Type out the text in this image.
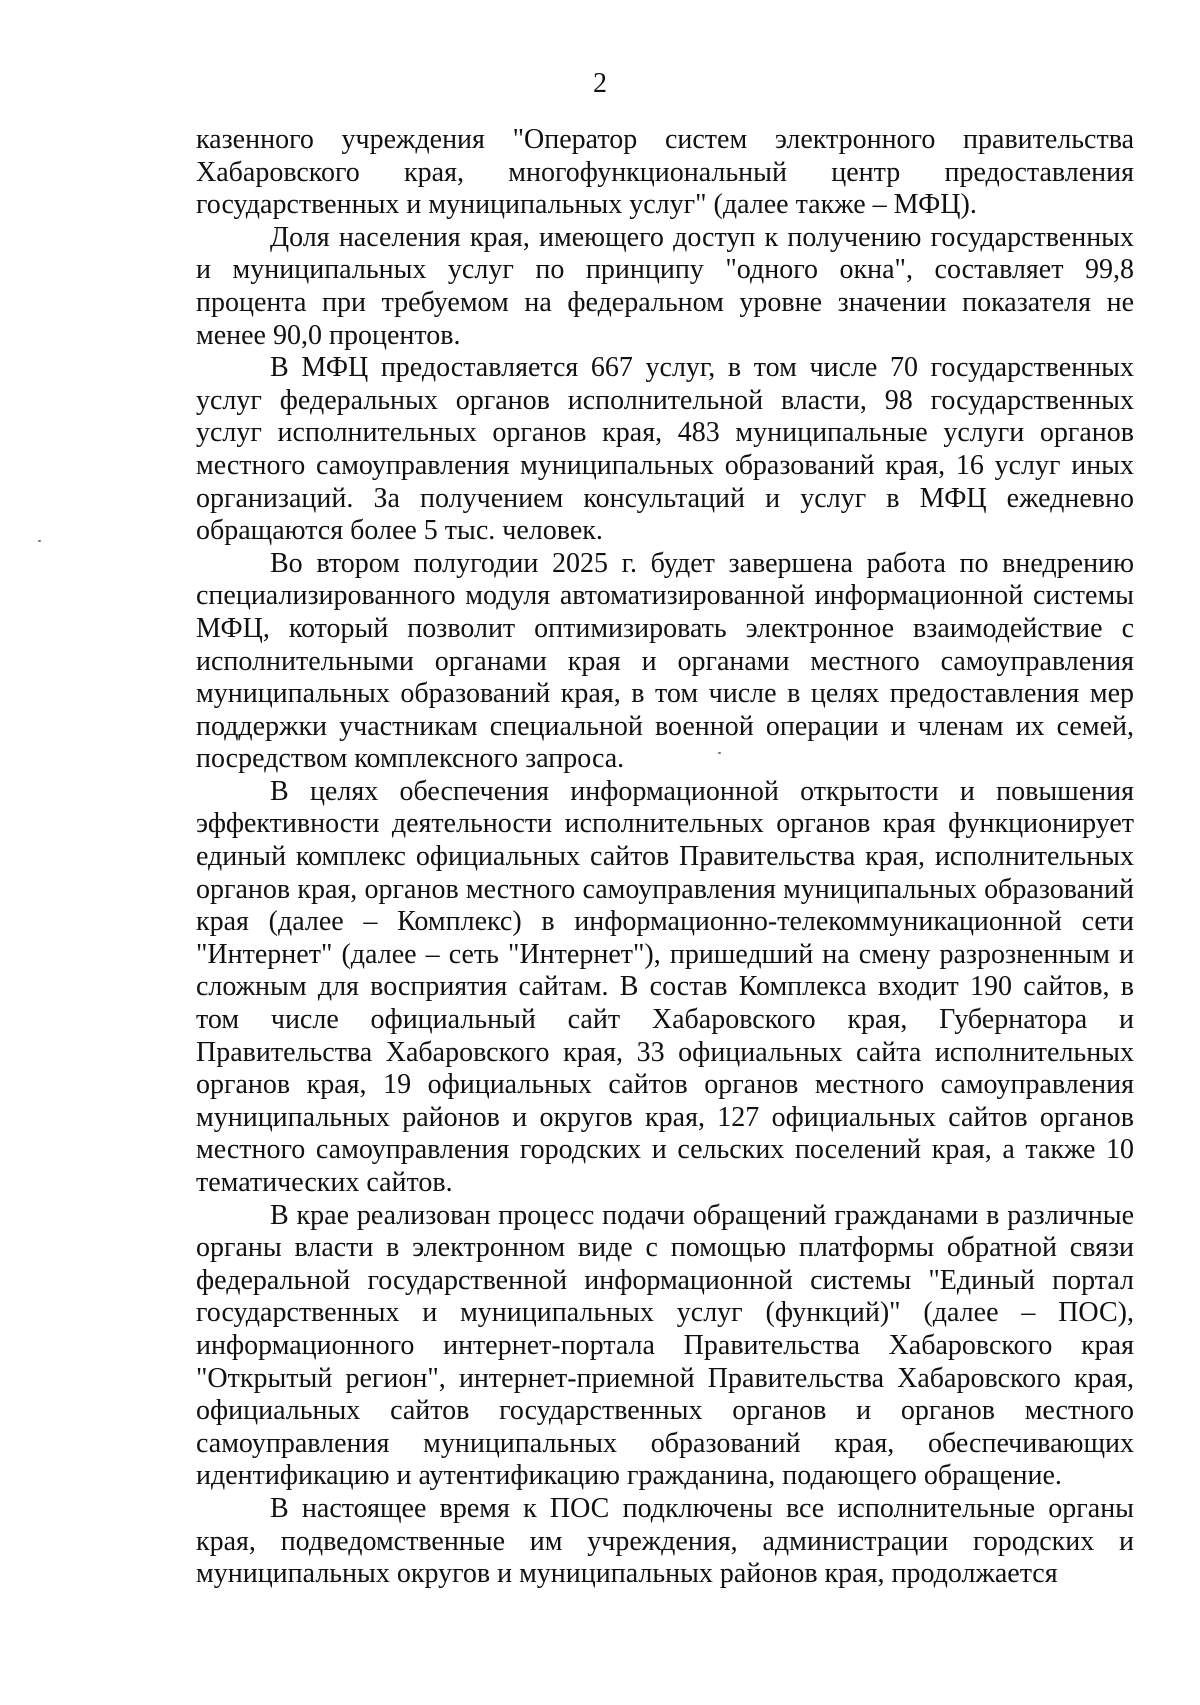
2

казенного учреждения "Оператор систем электронного правительства Хабаровского края, многофункциональный центр предоставления государственных и муниципальных услуг" (далее также – МФЦ).

Доля населения края, имеющего доступ к получению государственных и муниципальных услуг по принципу "одного окна", составляет 99,8 процента при требуемом на федеральном уровне значении показателя не менее 90,0 процентов.

В МФЦ предоставляется 667 услуг, в том числе 70 государственных услуг федеральных органов исполнительной власти, 98 государственных услуг исполнительных органов края, 483 муниципальные услуги органов местного самоуправления муниципальных образований края, 16 услуг иных организаций. За получением консультаций и услуг в МФЦ ежедневно обращаются более 5 тыс. человек.

Во втором полугодии 2025 г. будет завершена работа по внедрению специализированного модуля автоматизированной информационной системы МФЦ, который позволит оптимизировать электронное взаимодействие с исполнительными органами края и органами местного самоуправления муниципальных образований края, в том числе в целях предоставления мер поддержки участникам специальной военной операции и членам их семей, посредством комплексного запроса.

В целях обеспечения информационной открытости и повышения эффективности деятельности исполнительных органов края функционирует единый комплекс официальных сайтов Правительства края, исполнительных органов края, органов местного самоуправления муниципальных образований края (далее – Комплекс) в информационно-телекоммуникационной сети "Интернет" (далее – сеть "Интернет"), пришедший на смену разрозненным и сложным для восприятия сайтам. В состав Комплекса входит 190 сайтов, в том числе официальный сайт Хабаровского края, Губернатора и Правительства Хабаровского края, 33 официальных сайта исполнительных органов края, 19 официальных сайтов органов местного самоуправления муниципальных районов и округов края, 127 официальных сайтов органов местного самоуправления городских и сельских поселений края, а также 10 тематических сайтов.

В крае реализован процесс подачи обращений гражданами в различные органы власти в электронном виде с помощью платформы обратной связи федеральной государственной информационной системы "Единый портал государственных и муниципальных услуг (функций)" (далее – ПОС), информационного интернет-портала Правительства Хабаровского края "Открытый регион", интернет-приемной Правительства Хабаровского края, официальных сайтов государственных органов и органов местного самоуправления муниципальных образований края, обеспечивающих идентификацию и аутентификацию гражданина, подающего обращение.

В настоящее время к ПОС подключены все исполнительные органы края, подведомственные им учреждения, администрации городских и муниципальных округов и муниципальных районов края, продолжается
